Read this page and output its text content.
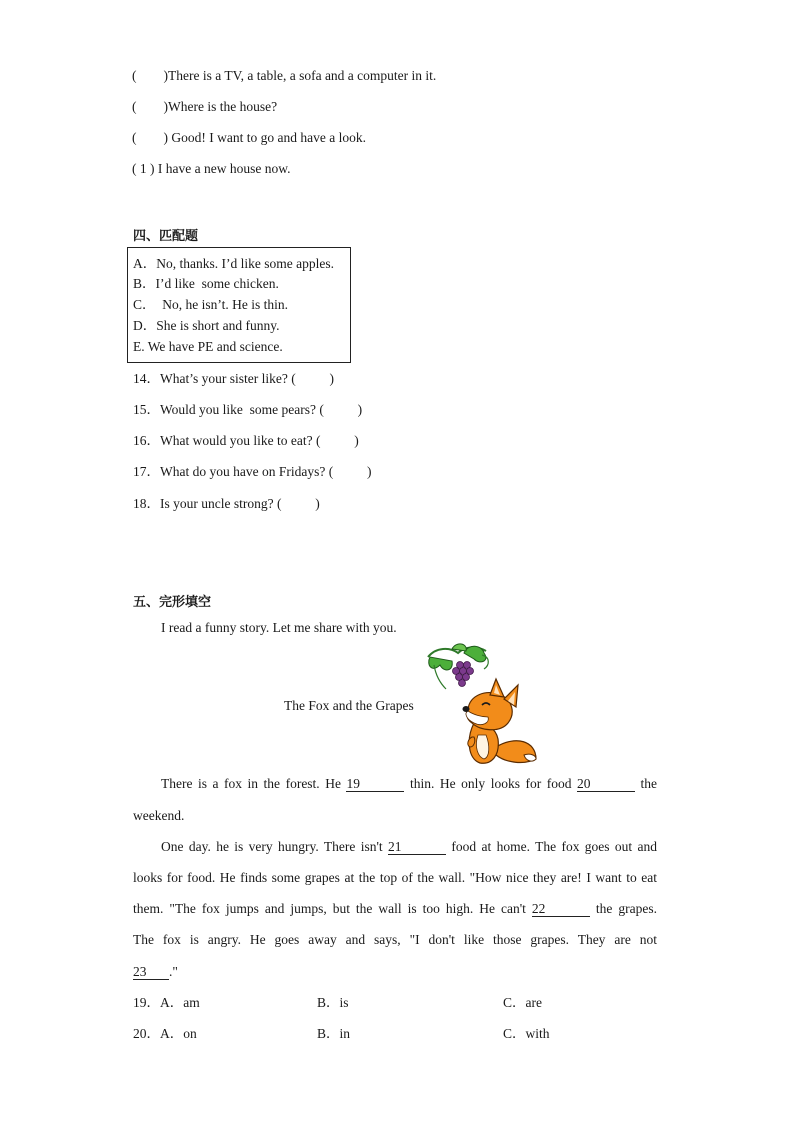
(        )There is a TV, a table, a sofa and a computer in it.
(        )Where is the house?
(        ) Good! I want to go and have a look.
( 1 ) I have a new house now.
四、匹配题
A．No, thanks. I’d like some apples.
B．I’d like  some chicken.
C．  No, he isn’t. He is thin.
D．She is short and funny.
E. We have PE and science.
14．What’s your sister like? (          )
15．Would you like  some pears? (          )
16．What would you like to eat? (          )
17．What do you have on Fridays? (          )
18．Is your uncle strong? (          )
五、完形填空
I read a funny story. Let me share with you.
The Fox and the Grapes
There is a fox in the forest. He 19	thin. He only looks for food 20	the
weekend.
One day. he is very hungry. There isn't 21	food at home. The fox goes out and
looks for food. He finds some grapes at the top of the wall. "How nice they are! I want to eat
them. "The fox jumps and jumps, but the wall is too high. He can't 22	the grapes.
The fox is angry. He goes away and says, "I don't like those grapes. They are not
23 ."
19．A．am	B．is	C．are
20．A．on	B．in	C．with
